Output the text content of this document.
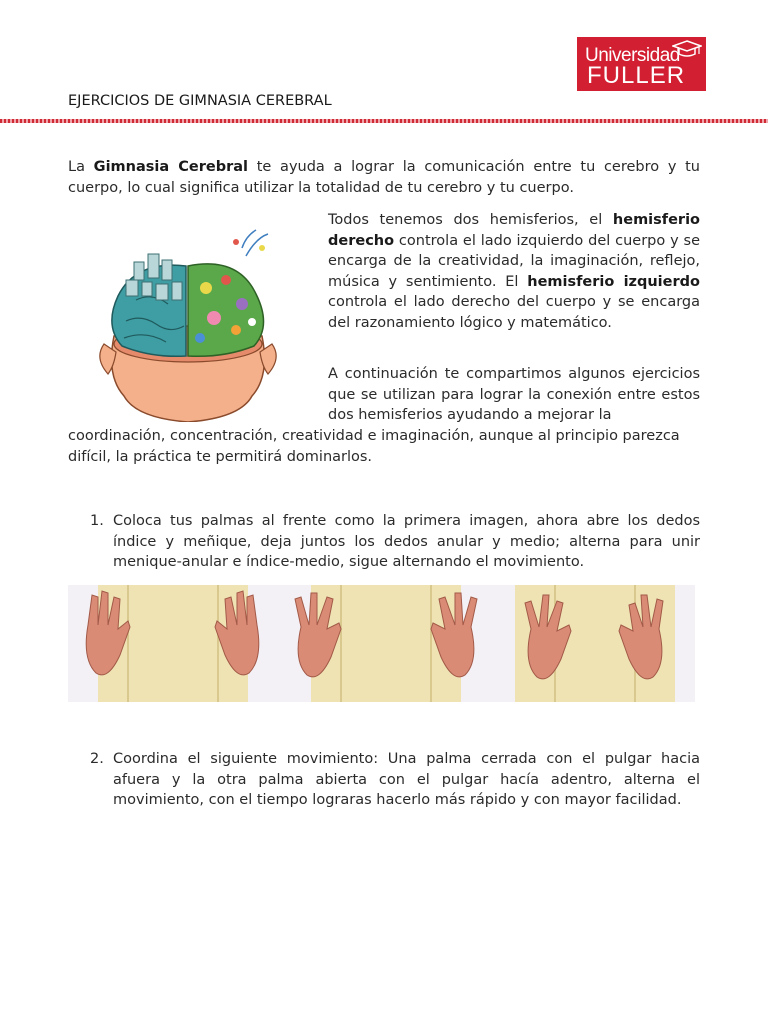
EJERCICIOS DE GIMNASIA CEREBRAL
Universidad
FULLER
La Gimnasia Cerebral te ayuda a lograr la comunicación entre tu cerebro y tu cuerpo, lo cual significa utilizar la totalidad de tu cerebro y tu cuerpo.
Todos tenemos dos hemisferios, el hemisferio derecho controla el lado izquierdo del cuerpo y se encarga de la creatividad, la imaginación, reflejo, música y sentimiento. El hemisferio izquierdo controla el lado derecho del cuerpo y se encarga del razonamiento lógico y matemático.
A continuación te compartimos algunos ejercicios que se utilizan para lograr la conexión entre estos dos hemisferios ayudando a mejorar la
coordinación, concentración, creatividad e imaginación, aunque al principio parezca difícil, la práctica te permitirá dominarlos.
1. Coloca tus palmas al frente como la primera imagen, ahora abre los dedos índice y meñique, deja juntos los dedos anular y medio; alterna para unir menique-anular e índice-medio, sigue alternando el movimiento.
2. Coordina el siguiente movimiento: Una palma cerrada con el pulgar hacia afuera y la otra palma abierta con el pulgar hacía adentro, alterna el movimiento, con el tiempo lograras hacerlo más rápido y con mayor facilidad.
